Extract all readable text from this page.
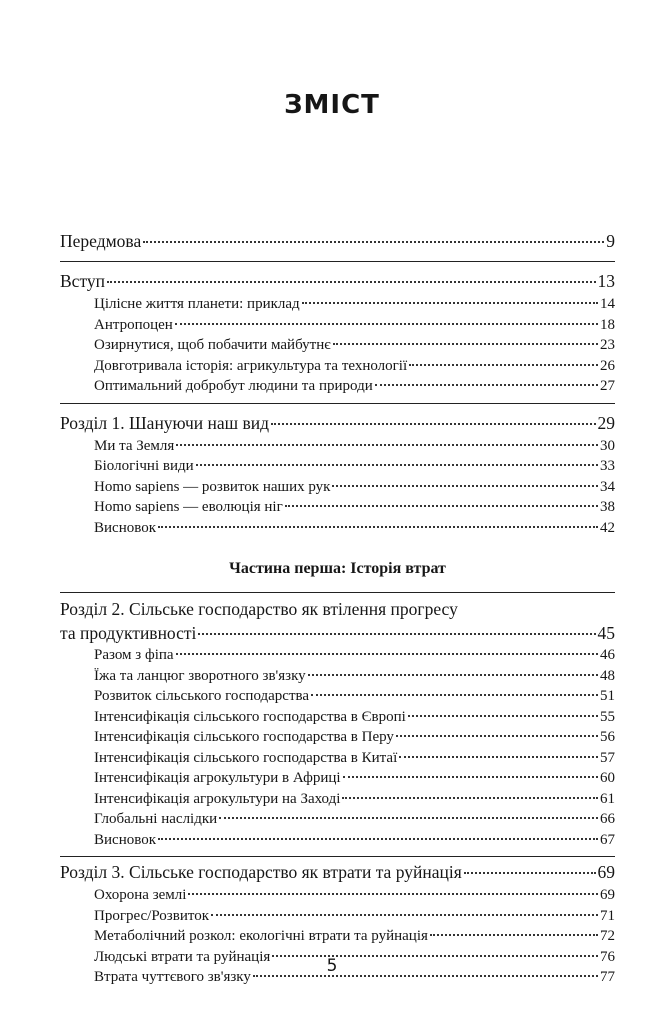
ЗМІСТ
Передмова	9
Вступ	13
Цілісне життя планети: приклад	14
Антропоцен	18
Озирнутися, щоб побачити майбутнє	23
Довготривала історія: агрикультура та технології	26
Оптимальний добробут людини та природи	27
Розділ 1. Шануючи наш вид	29
Ми та Земля	30
Біологічні види	33
Homo sapiens — розвиток наших рук	34
Homo sapiens — еволюція ніг	38
Висновок	42
Частина перша: Історія втрат
Розділ 2. Сільське господарство як втілення прогресу
та продуктивності	45
Разом з фіпа	46
Їжа та ланцюг зворотного зв'язку	48
Розвиток сільського господарства	51
Інтенсифікація сільського господарства в Європі	55
Інтенсифікація сільського господарства в Перу	56
Інтенсифікація сільського господарства в Китаї	57
Інтенсифікація агрокультури в Африці	60
Інтенсифікація агрокультури на Заході	61
Глобальні наслідки	66
Висновок	67
Розділ 3. Сільське господарство як втрати та руйнація	69
Охорона землі	69
Прогрес/Розвиток	71
Метаболічний розкол: екологічні втрати та руйнація	72
Людські втрати та руйнація	76
Втрата чуттєвого зв'язку	77
5
